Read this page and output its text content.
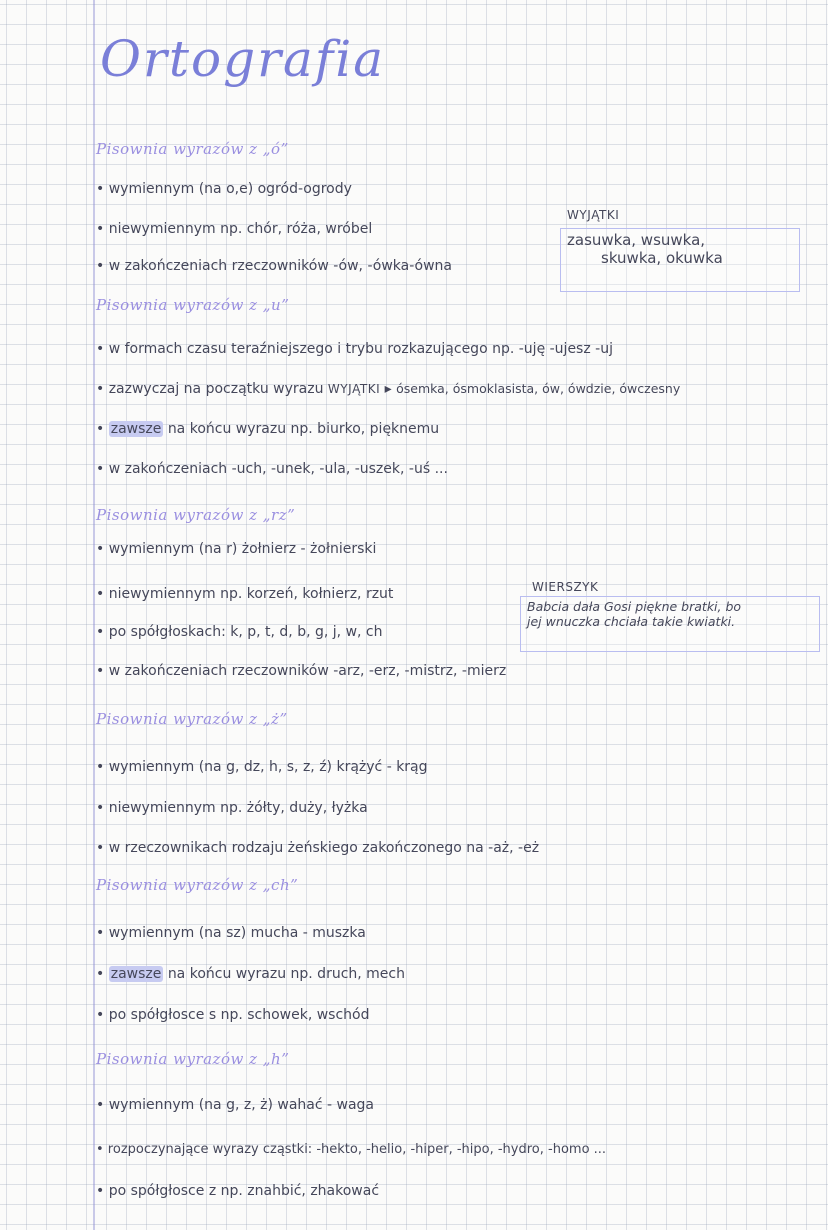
Ortografia
Pisownia wyrazów z „ó”
• wymiennym (na o,e) ogród-ogrody
• niewymiennym np. chór, róża, wróbel
• w zakończeniach rzeczowników -ów, -ówka-ówna
WYJĄTKI
zasuwka, wsuwka,
skuwka, okuwka
Pisownia wyrazów z „u”
• w formach czasu teraźniejszego i trybu rozkazującego np. -uję -ujesz -uj
• zazwyczaj na początku wyrazu WYJĄTKI ▸ ósemka, ósmoklasista, ów, ówdzie, ówczesny
• zawsze na końcu wyrazu np. biurko, pięknemu
• w zakończeniach -uch, -unek, -ula, -uszek, -uś ...
Pisownia wyrazów z „rz”
• wymiennym (na r) żołnierz - żołnierski
• niewymiennym np. korzeń, kołnierz, rzut
• po spółgłoskach: k, p, t, d, b, g, j, w, ch
• w zakończeniach rzeczowników -arz, -erz, -mistrz, -mierz
WIERSZYK
Babcia dała Gosi piękne bratki, bo
jej wnuczka chciała takie kwiatki.
Pisownia wyrazów z „ż”
• wymiennym (na g, dz, h, s, z, ź) krążyć - krąg
• niewymiennym np. żółty, duży, łyżka
• w rzeczownikach rodzaju żeńskiego zakończonego na -aż, -eż
Pisownia wyrazów z „ch”
• wymiennym (na sz) mucha - muszka
• zawsze na końcu wyrazu np. druch, mech
• po spółgłosce s np. schowek, wschód
Pisownia wyrazów z „h”
• wymiennym (na g, z, ż) wahać - waga
• rozpoczynające wyrazy cząstki: -hekto, -helio, -hiper, -hipo, -hydro, -homo ...
• po spółgłosce z np. znahbić, zhakować
